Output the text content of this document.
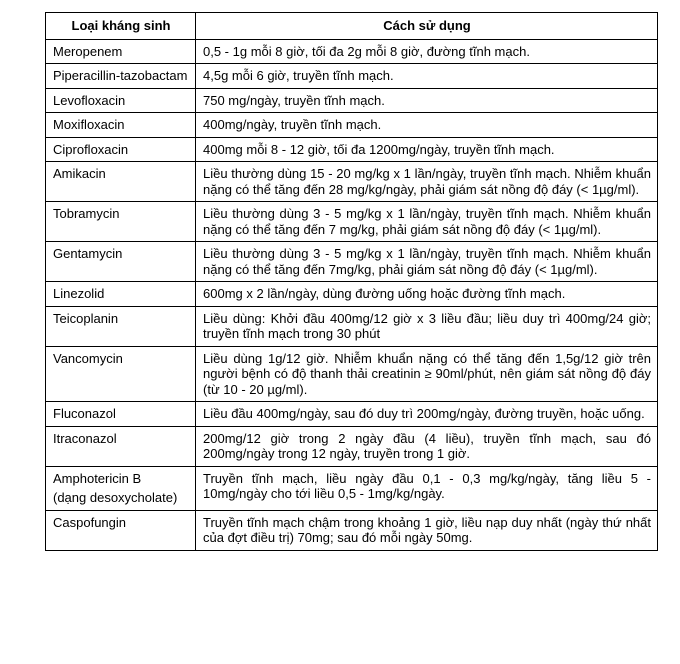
Loại kháng sinh	Cách sử dụng
Meropenem	0,5 - 1g mỗi 8 giờ, tối đa 2g mỗi 8 giờ, đường tĩnh mạch.
Piperacillin-tazobactam	4,5g mỗi 6 giờ, truyền tĩnh mạch.
Levofloxacin	750 mg/ngày, truyền tĩnh mạch.
Moxifloxacin	400mg/ngày, truyền tĩnh mạch.
Ciprofloxacin	400mg mỗi 8 - 12 giờ, tối đa 1200mg/ngày, truyền tĩnh mạch.
Amikacin	Liều thường dùng 15 - 20 mg/kg x 1 lần/ngày, truyền tĩnh mạch. Nhiễm khuẩn nặng có thể tăng đến 28 mg/kg/ngày, phải giám sát nồng độ đáy (< 1µg/ml).
Tobramycin	Liều thường dùng 3 - 5 mg/kg x 1 lần/ngày, truyền tĩnh mạch. Nhiễm khuẩn nặng có thể tăng đến 7 mg/kg, phải giám sát nồng độ đáy (< 1µg/ml).
Gentamycin	Liều thường dùng 3 - 5 mg/kg x 1 lần/ngày, truyền tĩnh mạch. Nhiễm khuẩn nặng có thể tăng đến 7mg/kg, phải giám sát nồng độ đáy (< 1µg/ml).
Linezolid	600mg x 2 lần/ngày, dùng đường uống hoặc đường tĩnh mạch.
Teicoplanin	Liều dùng: Khởi đầu 400mg/12 giờ x 3 liều đầu; liều duy trì 400mg/24 giờ; truyền tĩnh mạch trong 30 phút
Vancomycin	Liều dùng 1g/12 giờ. Nhiễm khuẩn nặng có thể tăng đến 1,5g/12 giờ trên người bệnh có độ thanh thải creatinin ≥ 90ml/phút, nên giám sát nồng độ đáy (từ 10 - 20 µg/ml).
Fluconazol	Liều đầu 400mg/ngày, sau đó duy trì 200mg/ngày, đường truyền, hoặc uống.
Itraconazol	200mg/12 giờ trong 2 ngày đầu (4 liều), truyền tĩnh mạch, sau đó 200mg/ngày trong 12 ngày, truyền trong 1 giờ.

Amphotericin B
(dạng desoxycholate)	Truyền tĩnh mạch, liều ngày đầu 0,1 - 0,3 mg/kg/ngày, tăng liều 5 - 10mg/ngày cho tới liều 0,5 - 1mg/kg/ngày.
Caspofungin	Truyền tĩnh mạch chậm trong khoảng 1 giờ, liều nạp duy nhất (ngày thứ nhất của đợt điều trị) 70mg; sau đó mỗi ngày 50mg.
